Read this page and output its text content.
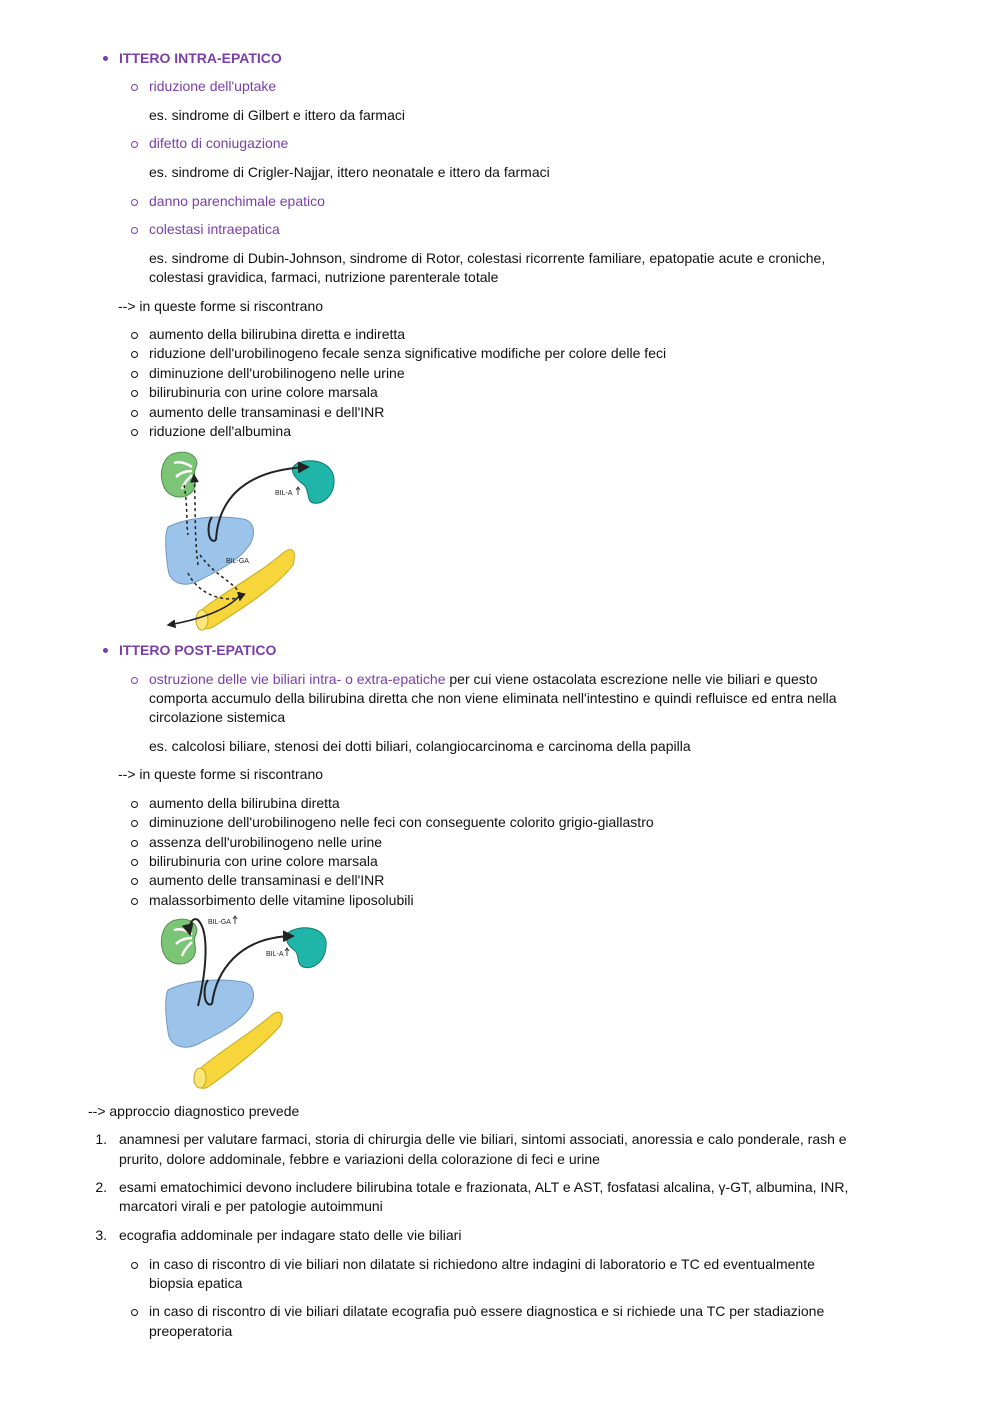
ITTERO INTRA-EPATICO
riduzione dell'uptake
es. sindrome di Gilbert e ittero da farmaci
difetto di coniugazione
es. sindrome di Crigler-Najjar, ittero neonatale e ittero da farmaci
danno parenchimale epatico
colestasi intraepatica
es. sindrome di Dubin-Johnson, sindrome di Rotor, colestasi ricorrente familiare, epatopatie acute e croniche,
colestasi gravidica, farmaci, nutrizione parenterale totale
--> in queste forme si riscontrano
aumento della bilirubina diretta e indiretta
riduzione dell'urobilinogeno fecale senza significative modifiche per colore delle feci
diminuzione dell'urobilinogeno nelle urine
bilirubinuria con urine colore marsala
aumento delle transaminasi e dell'INR
riduzione dell'albumina
BIL-A
BIL-GA
ITTERO POST-EPATICO
ostruzione delle vie biliari intra- o extra-epatiche per cui viene ostacolata escrezione nelle vie biliari e questo
comporta accumulo della bilirubina diretta che non viene eliminata nell'intestino e quindi refluisce ed entra nella
circolazione sistemica
es. calcolosi biliare, stenosi dei dotti biliari, colangiocarcinoma e carcinoma della papilla
--> in queste forme si riscontrano
aumento della bilirubina diretta
diminuzione dell'urobilinogeno nelle feci con conseguente colorito grigio-giallastro
assenza dell'urobilinogeno nelle urine
bilirubinuria con urine colore marsala
aumento delle transaminasi e dell'INR
malassorbimento delle vitamine liposolubili
BIL-GA
BIL-A
--> approccio diagnostico prevede
1. anamnesi per valutare farmaci, storia di chirurgia delle vie biliari, sintomi associati, anoressia e calo ponderale, rash e
prurito, dolore addominale, febbre e variazioni della colorazione di feci e urine
2. esami ematochimici devono includere bilirubina totale e frazionata, ALT e AST, fosfatasi alcalina, γ-GT, albumina, INR,
marcatori virali e per patologie autoimmuni
3. ecografia addominale per indagare stato delle vie biliari
in caso di riscontro di vie biliari non dilatate si richiedono altre indagini di laboratorio e TC ed eventualmente
biopsia epatica
in caso di riscontro di vie biliari dilatate ecografia può essere diagnostica e si richiede una TC per stadiazione
preoperatoria
